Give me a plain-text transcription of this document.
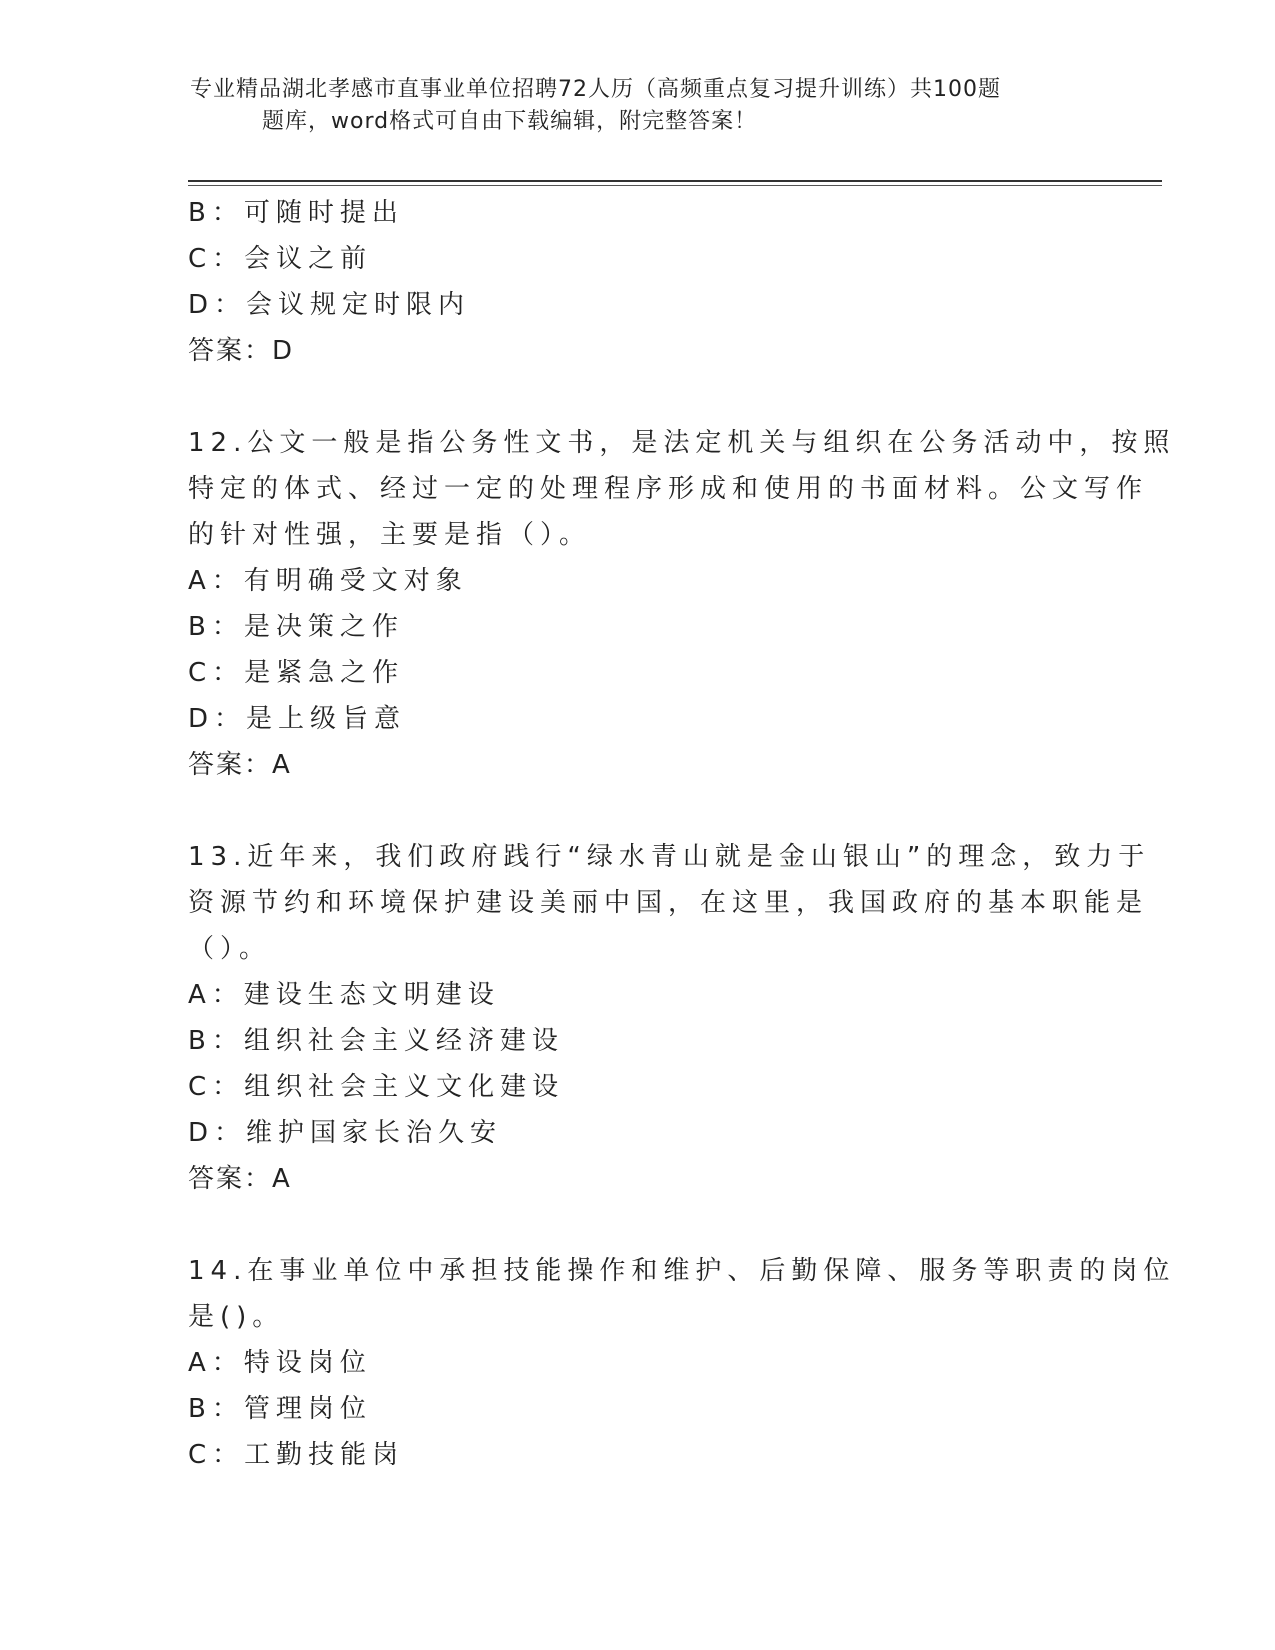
专业精品湖北孝感市直事业单位招聘72人历（高频重点复习提升训练）共100题
题库，word格式可自由下载编辑，附完整答案！
B：可随时提出
C：会议之前
D：会议规定时限内
答案：D
12.公文一般是指公务性文书，是法定机关与组织在公务活动中，按照
特定的体式、经过一定的处理程序形成和使用的书面材料。公文写作
的针对性强，主要是指（）。
A：有明确受文对象
B：是决策之作
C：是紧急之作
D：是上级旨意
答案：A
13.近年来，我们政府践行“绿水青山就是金山银山”的理念，致力于
资源节约和环境保护建设美丽中国，在这里，我国政府的基本职能是
（）。
A：建设生态文明建设
B：组织社会主义经济建设
C：组织社会主义文化建设
D：维护国家长治久安
答案：A
14.在事业单位中承担技能操作和维护、后勤保障、服务等职责的岗位
是()。
A：特设岗位
B：管理岗位
C：工勤技能岗
